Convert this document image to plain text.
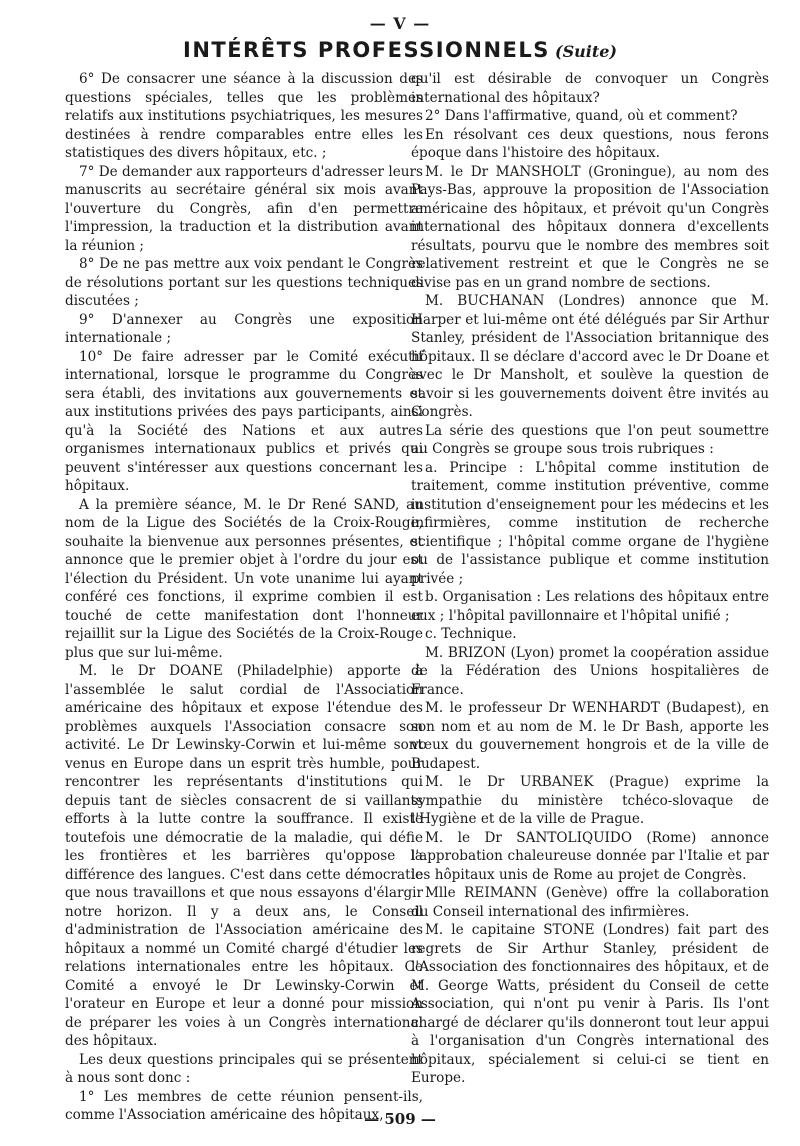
— V —
INTÉRÊTS PROFESSIONNELS (Suite)

6° De consacrer une séance à la discussion des questions spéciales, telles que les problèmes relatifs aux institutions psychiatriques, les mesures destinées à rendre comparables entre elles les statistiques des divers hôpitaux, etc. ;

7° De demander aux rapporteurs d'adresser leurs manuscrits au secrétaire général six mois avant l'ouverture du Congrès, afin d'en permettre l'impression, la traduction et la distribution avant la réunion ;

8° De ne pas mettre aux voix pendant le Congrès de résolutions portant sur les questions techniques discutées ;

9° D'annexer au Congrès une exposition internationale ;

10° De faire adresser par le Comité exécutif international, lorsque le programme du Congrès sera établi, des invitations aux gouvernements et aux institutions privées des pays participants, ainsi qu'à la Société des Nations et aux autres organismes internationaux publics et privés qui peuvent s'intéresser aux questions concernant les hôpitaux.

A la première séance, M. le Dr René SAND, au nom de la Ligue des Sociétés de la Croix-Rouge, souhaite la bienvenue aux personnes présentes, et annonce que le premier objet à l'ordre du jour est l'élection du Président. Un vote unanime lui ayant conféré ces fonctions, il exprime combien il est touché de cette manifestation dont l'honneur rejaillit sur la Ligue des Sociétés de la Croix-Rouge plus que sur lui-même.

M. le Dr DOANE (Philadelphie) apporte à l'assemblée le salut cordial de l'Association américaine des hôpitaux et expose l'étendue des problèmes auxquels l'Association consacre son activité. Le Dr Lewinsky-Corwin et lui-même sont venus en Europe dans un esprit très humble, pour rencontrer les représentants d'institutions qui depuis tant de siècles consacrent de si vaillants efforts à la lutte contre la souffrance. Il existe toutefois une démocratie de la maladie, qui défie les frontières et les barrières qu'oppose la différence des langues. C'est dans cette démocratie que nous travaillons et que nous essayons d'élargir notre horizon. Il y a deux ans, le Conseil d'administration de l'Association américaine des hôpitaux a nommé un Comité chargé d'étudier les relations internationales entre les hôpitaux. Ce Comité a envoyé le Dr Lewinsky-Corwin et l'orateur en Europe et leur a donné pour mission de préparer les voies à un Congrès international des hôpitaux.

Les deux questions principales qui se présentent à nous sont donc :

1° Les membres de cette réunion pensent-ils, comme l'Association américaine des hôpitaux,

qu'il est désirable de convoquer un Congrès international des hôpitaux?

2° Dans l'affirmative, quand, où et comment?

En résolvant ces deux questions, nous ferons époque dans l'histoire des hôpitaux.

M. le Dr MANSHOLT (Groningue), au nom des Pays-Bas, approuve la proposition de l'Association américaine des hôpitaux, et prévoit qu'un Congrès international des hôpitaux donnera d'excellents résultats, pourvu que le nombre des membres soit relativement restreint et que le Congrès ne se divise pas en un grand nombre de sections.

M. BUCHANAN (Londres) annonce que M. Harper et lui-même ont été délégués par Sir Arthur Stanley, président de l'Association britannique des hôpitaux. Il se déclare d'accord avec le Dr Doane et avec le Dr Mansholt, et soulève la question de savoir si les gouvernements doivent être invités au Congrès.

La série des questions que l'on peut soumettre au Congrès se groupe sous trois rubriques :

a. Principe : L'hôpital comme institution de traitement, comme institution préventive, comme institution d'enseignement pour les médecins et les infirmières, comme institution de recherche scientifique ; l'hôpital comme organe de l'hygiène ou de l'assistance publique et comme institution privée ;

b. Organisation : Les relations des hôpitaux entre eux ; l'hôpital pavillonnaire et l'hôpital unifié ;

c. Technique.

M. BRIZON (Lyon) promet la coopération assidue de la Fédération des Unions hospitalières de France.

M. le professeur Dr WENHARDT (Budapest), en son nom et au nom de M. le Dr Bash, apporte les vœux du gouvernement hongrois et de la ville de Budapest.

M. le Dr URBANEK (Prague) exprime la sympathie du ministère tchéco-slovaque de l'Hygiène et de la ville de Prague.

M. le Dr SANTOLIQUIDO (Rome) annonce l'approbation chaleureuse donnée par l'Italie et par les hôpitaux unis de Rome au projet de Congrès.

Mlle REIMANN (Genève) offre la collaboration du Conseil international des infirmières.

M. le capitaine STONE (Londres) fait part des regrets de Sir Arthur Stanley, président de l'Association des fonctionnaires des hôpitaux, et de M. George Watts, président du Conseil de cette Association, qui n'ont pu venir à Paris. Ils l'ont chargé de déclarer qu'ils donneront tout leur appui à l'organisation d'un Congrès international des hôpitaux, spécialement si celui-ci se tient en Europe.

— 509 —
